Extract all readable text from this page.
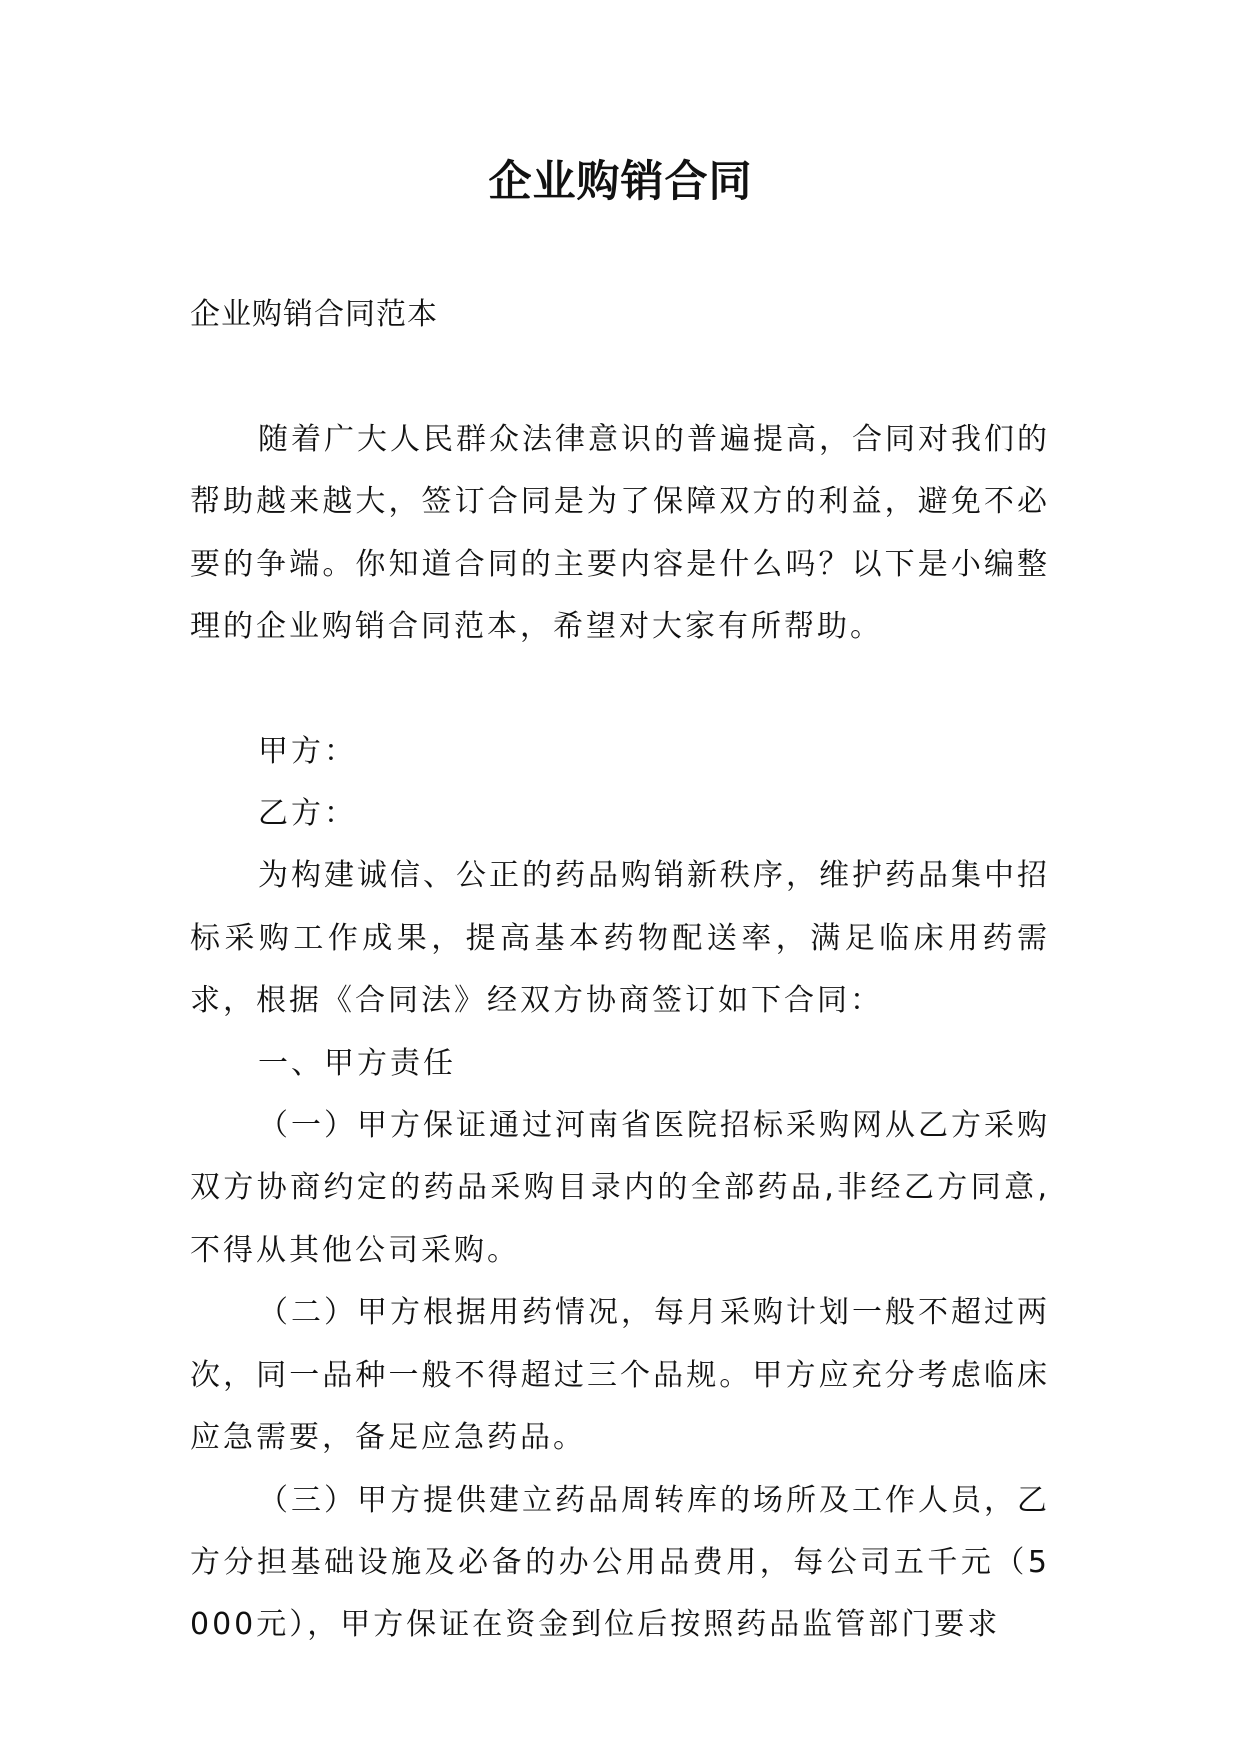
企业购销合同
企业购销合同范本

随着广大人民群众法律意识的普遍提高，合同对我们的帮助越来越大，签订合同是为了保障双方的利益，避免不必要的争端。你知道合同的主要内容是什么吗？以下是小编整理的企业购销合同范本，希望对大家有所帮助。

甲方：

乙方：

为构建诚信、公正的药品购销新秩序，维护药品集中招标采购工作成果，提高基本药物配送率，满足临床用药需求，根据《合同法》经双方协商签订如下合同：

一、甲方责任

（一）甲方保证通过河南省医院招标采购网从乙方采购双方协商约定的药品采购目录内的全部药品,非经乙方同意,不得从其他公司采购。

（二）甲方根据用药情况，每月采购计划一般不超过两次，同一品种一般不得超过三个品规。甲方应充分考虑临床应急需要，备足应急药品。

（三）甲方提供建立药品周转库的场所及工作人员，乙方分担基础设施及必备的办公用品费用，每公司五千元（5000元），甲方保证在资金到位后按照药品监管部门要求
